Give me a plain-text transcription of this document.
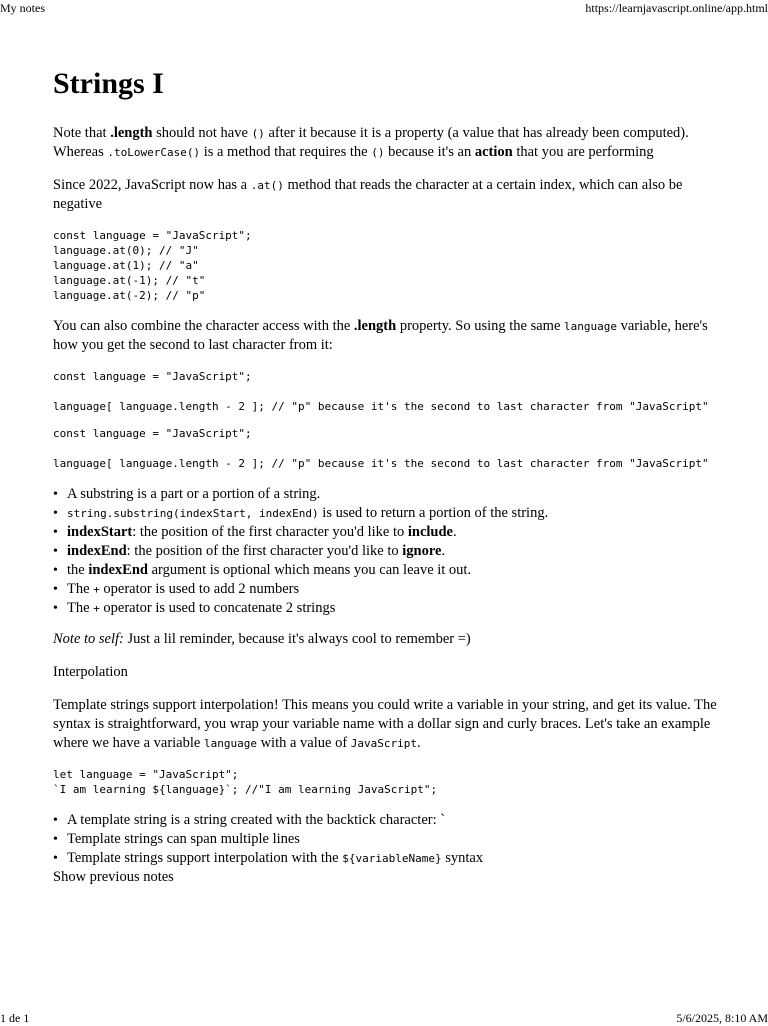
My notes	https://learnjavascript.online/app.html
Strings I

Note that .length should not have () after it because it is a property (a value that has already been computed). Whereas .toLowerCase() is a method that requires the () because it's an action that you are performing

Since 2022, JavaScript now has a .at() method that reads the character at a certain index, which can also be negative

const language = "JavaScript";
language.at(0); // "J"
language.at(1); // "a"
language.at(-1); // "t"
language.at(-2); // "p"

You can also combine the character access with the .length property. So using the same language variable, here's how you get the second to last character from it:

const language = "JavaScript";
language[ language.length - 2 ]; // "p" because it's the second to last character from "JavaScript"
const language = "JavaScript";
language[ language.length - 2 ]; // "p" because it's the second to last character from "JavaScript"
• A substring is a part or a portion of a string.
• string.substring(indexStart, indexEnd) is used to return a portion of the string.
• indexStart: the position of the first character you'd like to include.
• indexEnd: the position of the first character you'd like to ignore.
• the indexEnd argument is optional which means you can leave it out.
• The + operator is used to add 2 numbers
• The + operator is used to concatenate 2 strings

Note to self: Just a lil reminder, because it's always cool to remember =)

Interpolation

Template strings support interpolation! This means you could write a variable in your string, and get its value. The syntax is straightforward, you wrap your variable name with a dollar sign and curly braces. Let's take an example where we have a variable language with a value of JavaScript.

let language = "JavaScript";
`I am learning ${language}`; //"I am learning JavaScript";
• A template string is a string created with the backtick character: `
• Template strings can span multiple lines
• Template strings support interpolation with the ${variableName} syntax
Show previous notes
1 de 1	5/6/2025, 8:10 AM
